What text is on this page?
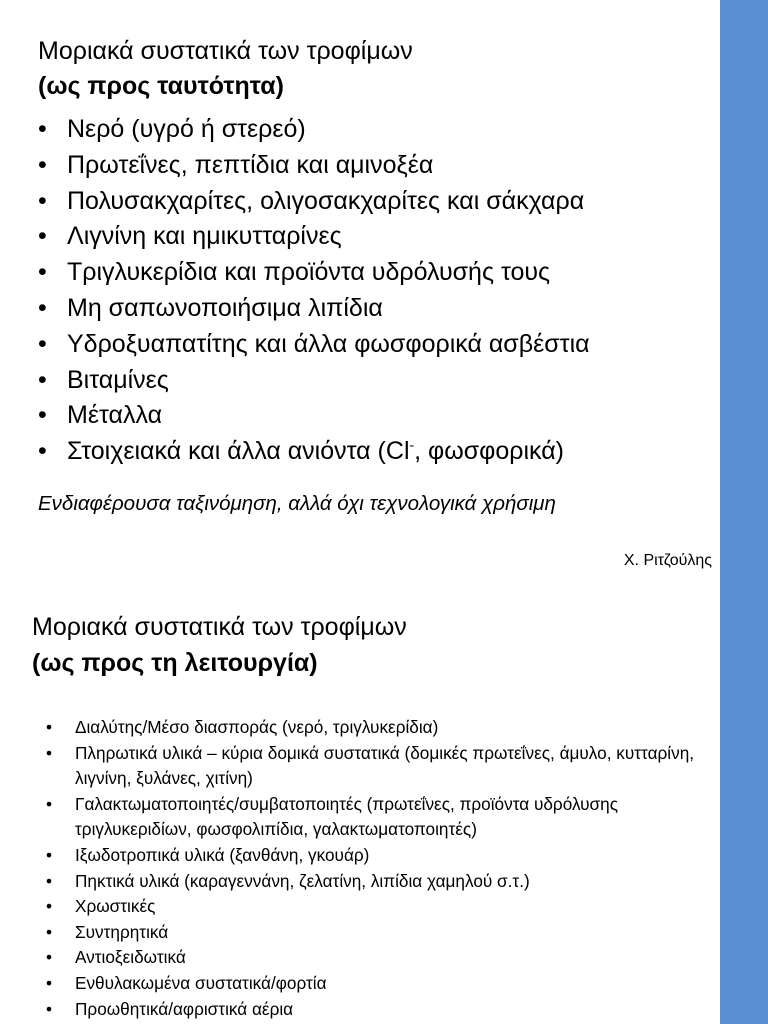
Μοριακά συστατικά των τροφίμων
(ως προς ταυτότητα)
• Νερό (υγρό ή στερεό)
• Πρωτεΐνες, πεπτίδια και αμινοξέα
• Πολυσακχαρίτες, ολιγοσακχαρίτες και σάκχαρα
• Λιγνίνη και ημικυτταρίνες
• Τριγλυκερίδια και προϊόντα υδρόλυσής τους
• Μη σαπωνοποιήσιμα λιπίδια
• Υδροξυαπατίτης και άλλα φωσφορικά ασβέστια
• Βιταμίνες
• Μέταλλα
• Στοιχειακά και άλλα ανιόντα (Cl-, φωσφορικά)
Ενδιαφέρουσα ταξινόμηση, αλλά όχι τεχνολογικά χρήσιμη
Χ. Ριτζούλης
Μοριακά συστατικά των τροφίμων
(ως προς τη λειτουργία)
• Διαλύτης/Μέσο διασποράς (νερό, τριγλυκερίδια)
• Πληρωτικά υλικά – κύρια δομικά συστατικά (δομικές πρωτεΐνες, άμυλο, κυτταρίνη, λιγνίνη, ξυλάνες, χιτίνη)
• Γαλακτωματοποιητές/συμβατοποιητές (πρωτεΐνες, προϊόντα υδρόλυσης τριγλυκεριδίων, φωσφολιπίδια, γαλακτωματοποιητές)
• Ιξωδοτροπικά υλικά (ξανθάνη, γκουάρ)
• Πηκτικά υλικά (καραγεννάνη, ζελατίνη, λιπίδια χαμηλού σ.τ.)
• Χρωστικές
• Συντηρητικά
• Αντιοξειδωτικά
• Ενθυλακωμένα συστατικά/φορτία
• Προωθητικά/αφριστικά αέρια
